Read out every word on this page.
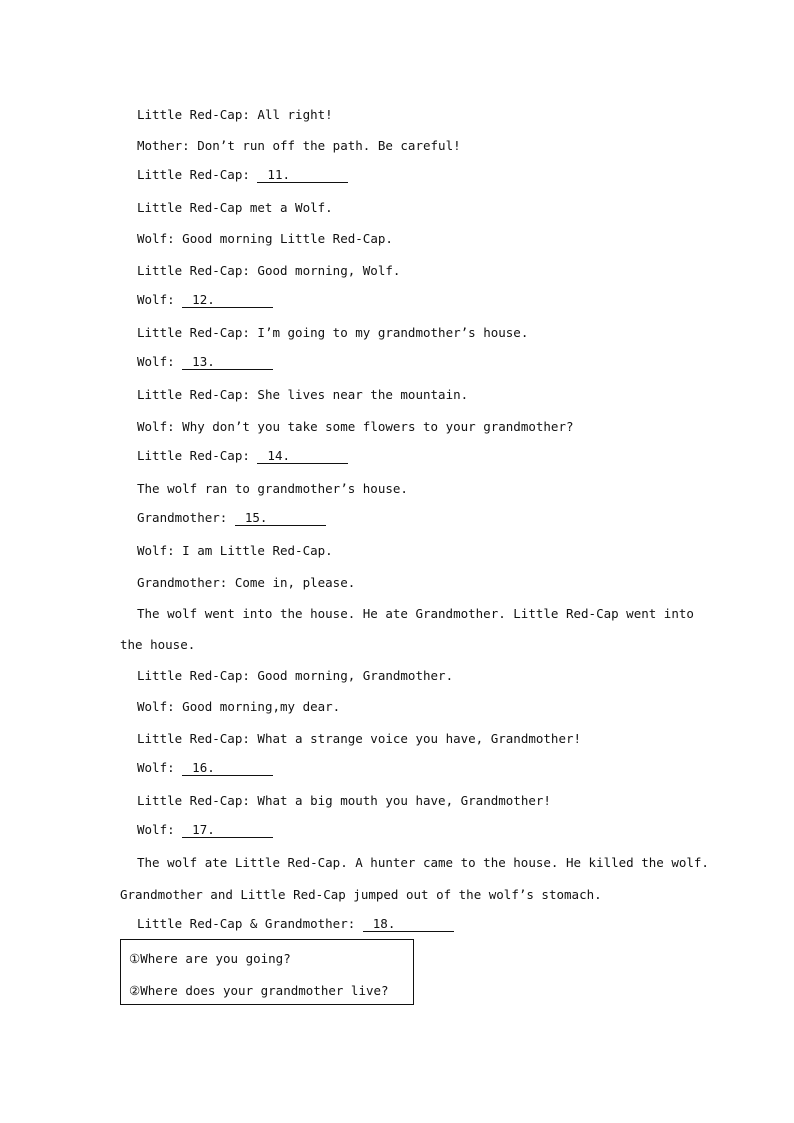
Little Red-Cap: All right!
Mother: Don’t run off the path. Be careful!
Little Red-Cap: 11.
Little Red-Cap met a Wolf.
Wolf: Good morning Little Red-Cap.
Little Red-Cap: Good morning, Wolf.
Wolf: 12.
Little Red-Cap: I’m going to my grandmother’s house.
Wolf: 13.
Little Red-Cap: She lives near the mountain.
Wolf: Why don’t you take some flowers to your grandmother?
Little Red-Cap: 14.
The wolf ran to grandmother’s house.
Grandmother: 15.
Wolf: I am Little Red-Cap.
Grandmother: Come in, please.
The wolf went into the house. He ate Grandmother. Little Red-Cap went into
the house.
Little Red-Cap: Good morning, Grandmother.
Wolf: Good morning,my dear.
Little Red-Cap: What a strange voice you have, Grandmother!
Wolf: 16.
Little Red-Cap: What a big mouth you have, Grandmother!
Wolf: 17.
The wolf ate Little Red-Cap. A hunter came to the house. He killed the wolf.
Grandmother and Little Red-Cap jumped out of the wolf’s stomach.
Little Red-Cap & Grandmother: 18.
①Where are you going?
②Where does your grandmother live?
